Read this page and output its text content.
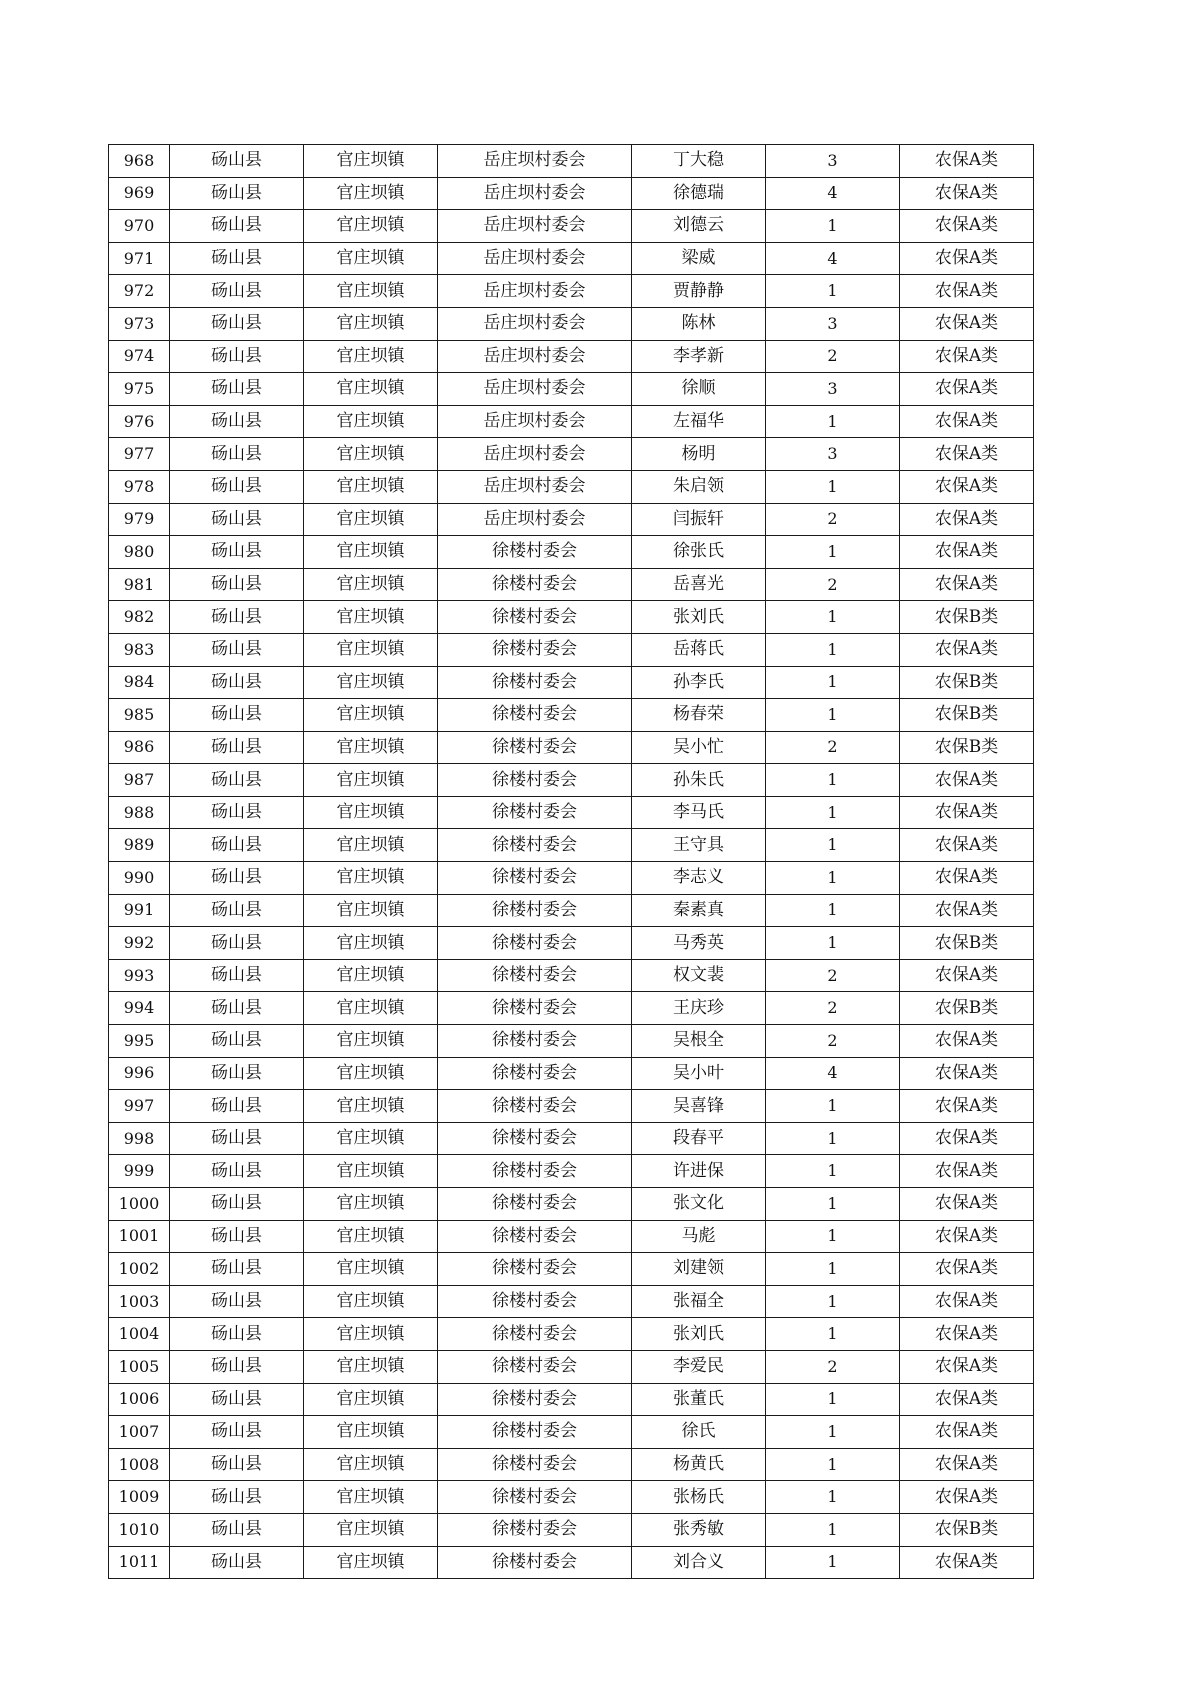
968	砀山县	官庄坝镇	岳庄坝村委会	丁大稳	3	农保A类
969	砀山县	官庄坝镇	岳庄坝村委会	徐德瑞	4	农保A类
970	砀山县	官庄坝镇	岳庄坝村委会	刘德云	1	农保A类
971	砀山县	官庄坝镇	岳庄坝村委会	梁威	4	农保A类
972	砀山县	官庄坝镇	岳庄坝村委会	贾静静	1	农保A类
973	砀山县	官庄坝镇	岳庄坝村委会	陈林	3	农保A类
974	砀山县	官庄坝镇	岳庄坝村委会	李孝新	2	农保A类
975	砀山县	官庄坝镇	岳庄坝村委会	徐顺	3	农保A类
976	砀山县	官庄坝镇	岳庄坝村委会	左福华	1	农保A类
977	砀山县	官庄坝镇	岳庄坝村委会	杨明	3	农保A类
978	砀山县	官庄坝镇	岳庄坝村委会	朱启领	1	农保A类
979	砀山县	官庄坝镇	岳庄坝村委会	闫振轩	2	农保A类
980	砀山县	官庄坝镇	徐楼村委会	徐张氏	1	农保A类
981	砀山县	官庄坝镇	徐楼村委会	岳喜光	2	农保A类
982	砀山县	官庄坝镇	徐楼村委会	张刘氏	1	农保B类
983	砀山县	官庄坝镇	徐楼村委会	岳蒋氏	1	农保A类
984	砀山县	官庄坝镇	徐楼村委会	孙李氏	1	农保B类
985	砀山县	官庄坝镇	徐楼村委会	杨春荣	1	农保B类
986	砀山县	官庄坝镇	徐楼村委会	吴小忙	2	农保B类
987	砀山县	官庄坝镇	徐楼村委会	孙朱氏	1	农保A类
988	砀山县	官庄坝镇	徐楼村委会	李马氏	1	农保A类
989	砀山县	官庄坝镇	徐楼村委会	王守具	1	农保A类
990	砀山县	官庄坝镇	徐楼村委会	李志义	1	农保A类
991	砀山县	官庄坝镇	徐楼村委会	秦素真	1	农保A类
992	砀山县	官庄坝镇	徐楼村委会	马秀英	1	农保B类
993	砀山县	官庄坝镇	徐楼村委会	权文裴	2	农保A类
994	砀山县	官庄坝镇	徐楼村委会	王庆珍	2	农保B类
995	砀山县	官庄坝镇	徐楼村委会	吴根全	2	农保A类
996	砀山县	官庄坝镇	徐楼村委会	吴小叶	4	农保A类
997	砀山县	官庄坝镇	徐楼村委会	吴喜锋	1	农保A类
998	砀山县	官庄坝镇	徐楼村委会	段春平	1	农保A类
999	砀山县	官庄坝镇	徐楼村委会	许进保	1	农保A类
1000	砀山县	官庄坝镇	徐楼村委会	张文化	1	农保A类
1001	砀山县	官庄坝镇	徐楼村委会	马彪	1	农保A类
1002	砀山县	官庄坝镇	徐楼村委会	刘建领	1	农保A类
1003	砀山县	官庄坝镇	徐楼村委会	张福全	1	农保A类
1004	砀山县	官庄坝镇	徐楼村委会	张刘氏	1	农保A类
1005	砀山县	官庄坝镇	徐楼村委会	李爱民	2	农保A类
1006	砀山县	官庄坝镇	徐楼村委会	张董氏	1	农保A类
1007	砀山县	官庄坝镇	徐楼村委会	徐氏	1	农保A类
1008	砀山县	官庄坝镇	徐楼村委会	杨黄氏	1	农保A类
1009	砀山县	官庄坝镇	徐楼村委会	张杨氏	1	农保A类
1010	砀山县	官庄坝镇	徐楼村委会	张秀敏	1	农保B类
1011	砀山县	官庄坝镇	徐楼村委会	刘合义	1	农保A类
